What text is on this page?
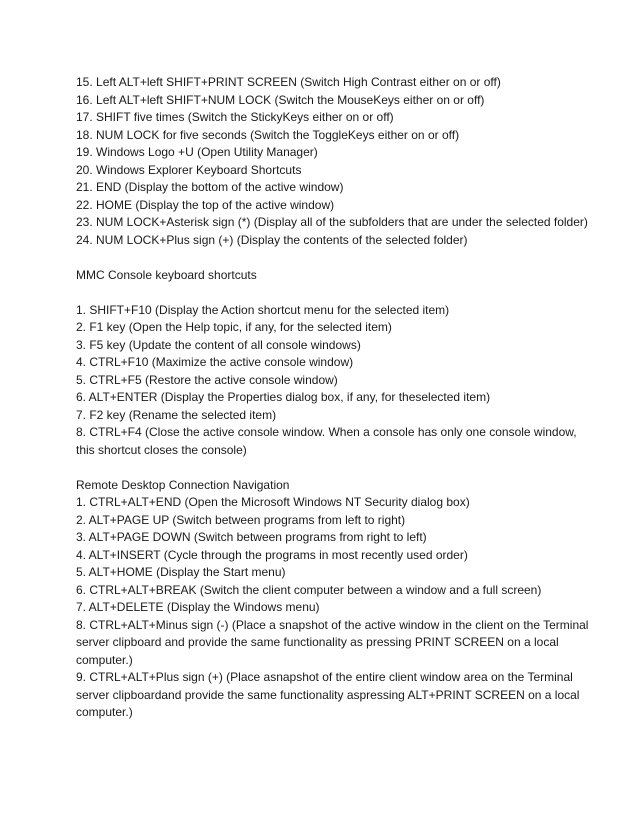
15. Left ALT+left SHIFT+PRINT SCREEN (Switch High Contrast either on or off)

16. Left ALT+left SHIFT+NUM LOCK (Switch the MouseKeys either on or off)

17. SHIFT five times (Switch the StickyKeys either on or off)

18. NUM LOCK for five seconds (Switch the ToggleKeys either on or off)

19. Windows Logo +U (Open Utility Manager)

20. Windows Explorer Keyboard Shortcuts

21. END (Display the bottom of the active window)

22. HOME (Display the top of the active window)

23. NUM LOCK+Asterisk sign (*) (Display all of the subfolders that are under the selected folder)

24. NUM LOCK+Plus sign (+) (Display the contents of the selected folder)

MMC Console keyboard shortcuts

1. SHIFT+F10 (Display the Action shortcut menu for the selected item)

2. F1 key (Open the Help topic, if any, for the selected item)

3. F5 key (Update the content of all console windows)

4. CTRL+F10 (Maximize the active console window)

5. CTRL+F5 (Restore the active console window)

6. ALT+ENTER (Display the Properties dialog box, if any, for theselected item)

7. F2 key (Rename the selected item)

8. CTRL+F4 (Close the active console window. When a console has only one console window,

this shortcut closes the console)

Remote Desktop Connection Navigation

1. CTRL+ALT+END (Open the Microsoft Windows NT Security dialog box)

2. ALT+PAGE UP (Switch between programs from left to right)

3. ALT+PAGE DOWN (Switch between programs from right to left)

4. ALT+INSERT (Cycle through the programs in most recently used order)

5. ALT+HOME (Display the Start menu)

6. CTRL+ALT+BREAK (Switch the client computer between a window and a full screen)

7. ALT+DELETE (Display the Windows menu)

8. CTRL+ALT+Minus sign (-) (Place a snapshot of the active window in the client on the Terminal

server clipboard and provide the same functionality as pressing PRINT SCREEN on a local

computer.)

9. CTRL+ALT+Plus sign (+) (Place asnapshot of the entire client window area on the Terminal

server clipboardand provide the same functionality aspressing ALT+PRINT SCREEN on a local

computer.)
